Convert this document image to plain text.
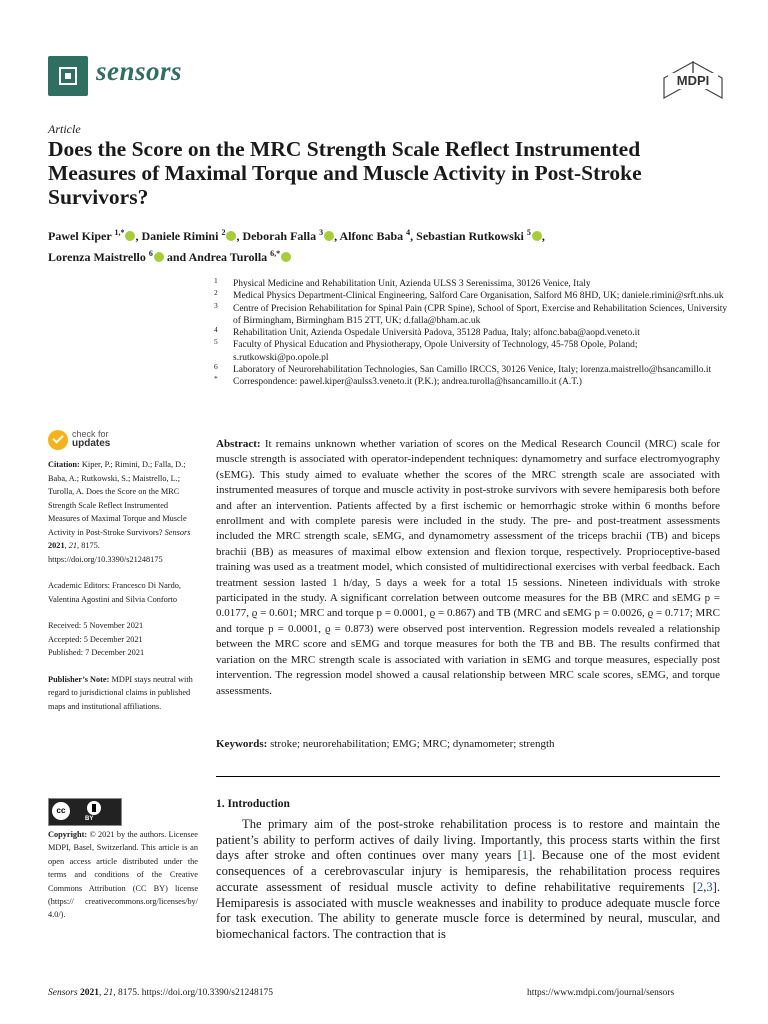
sensors	MDPI
Article
Does the Score on the MRC Strength Scale Reflect Instrumented Measures of Maximal Torque and Muscle Activity in Post-Stroke Survivors?
Pawel Kiper $^{1,*}$ , Daniele Rimini $^2$ , Deborah Falla $^3$ , Alfonc Baba $^4$, Sebastian Rutkowski $^5$ ,
Lorenza Maistrello $^6$ and Andrea Turolla $^{6,*}$
1 Physical Medicine and Rehabilitation Unit, Azienda ULSS 3 Serenissima, 30126 Venice, Italy
2 Medical Physics Department-Clinical Engineering, Salford Care Organisation, Salford M6 8HD, UK; daniele.rimini@srft.nhs.uk
3 Centre of Precision Rehabilitation for Spinal Pain (CPR Spine), School of Sport, Exercise and Rehabilitation Sciences, University of Birmingham, Birmingham B15 2TT, UK; d.falla@bham.ac.uk
4 Rehabilitation Unit, Azienda Ospedale Università Padova, 35128 Padua, Italy; alfonc.baba@aopd.veneto.it
5 Faculty of Physical Education and Physiotherapy, Opole University of Technology, 45-758 Opole, Poland; s.rutkowski@po.opole.pl
6 Laboratory of Neurorehabilitation Technologies, San Camillo IRCCS, 30126 Venice, Italy; lorenza.maistrello@hsancamillo.it
* Correspondence: pawel.kiper@aulss3.veneto.it (P.K.); andrea.turolla@hsancamillo.it (A.T.)
check for
updates
Citation: Kiper, P.; Rimini, D.; Falla, D.; Baba, A.; Rutkowski, S.; Maistrello, L.; Turolla, A. Does the Score on the MRC Strength Scale Reflect Instrumented Measures of Maximal Torque and Muscle Activity in Post-Stroke Survivors? Sensors 2021, 21, 8175. https://doi.org/10.3390/s21248175
Academic Editors: Francesco Di Nardo, Valentina Agostini and Silvia Conforto
Received: 5 November 2021
Accepted: 5 December 2021
Published: 7 December 2021
Publisher’s Note: MDPI stays neutral with regard to jurisdictional claims in published maps and institutional affiliations.
cc
BY
Copyright: © 2021 by the authors. Licensee MDPI, Basel, Switzerland. This article is an open access article distributed under the terms and conditions of the Creative Commons Attribution (CC BY) license (https:// creativecommons.org/licenses/by/ 4.0/).
Abstract: It remains unknown whether variation of scores on the Medical Research Council (MRC) scale for muscle strength is associated with operator-independent techniques: dynamometry and surface electromyography (sEMG). This study aimed to evaluate whether the scores of the MRC strength scale are associated with instrumented measures of torque and muscle activity in post-stroke survivors with severe hemiparesis both before and after an intervention. Patients affected by a first ischemic or hemorrhagic stroke within 6 months before enrollment and with complete paresis were included in the study. The pre- and post-treatment assessments included the MRC strength scale, sEMG, and dynamometry assessment of the triceps brachii (TB) and biceps brachii (BB) as measures of maximal elbow extension and flexion torque, respectively. Proprioceptive-based training was used as a treatment model, which consisted of multidirectional exercises with verbal feedback. Each treatment session lasted 1 h/day, 5 days a week for a total 15 sessions. Nineteen individuals with stroke participated in the study. A significant correlation between outcome measures for the BB (MRC and sEMG p = 0.0177, ϱ = 0.601; MRC and torque p = 0.0001, ϱ = 0.867) and TB (MRC and sEMG p = 0.0026, ϱ = 0.717; MRC and torque p = 0.0001, ϱ = 0.873) were observed post intervention. Regression models revealed a relationship between the MRC score and sEMG and torque measures for both the TB and BB. The results confirmed that variation on the MRC strength scale is associated with variation in sEMG and torque measures, especially post intervention. The regression model showed a causal relationship between MRC scale scores, sEMG, and torque assessments.
Keywords: stroke; neurorehabilitation; EMG; MRC; dynamometer; strength
1. Introduction
The primary aim of the post-stroke rehabilitation process is to restore and maintain the patient’s ability to perform actives of daily living. Importantly, this process starts within the first days after stroke and often continues over many years [1]. Because one of the most evident consequences of a cerebrovascular injury is hemiparesis, the rehabilitation process requires accurate assessment of residual muscle activity to define rehabilitative requirements [2,3]. Hemiparesis is associated with muscle weaknesses and inability to produce adequate muscle force for task execution. The ability to generate muscle force is determined by neural, muscular, and biomechanical factors. The contraction that is
Sensors 2021, 21, 8175. https://doi.org/10.3390/s21248175	https://www.mdpi.com/journal/sensors
